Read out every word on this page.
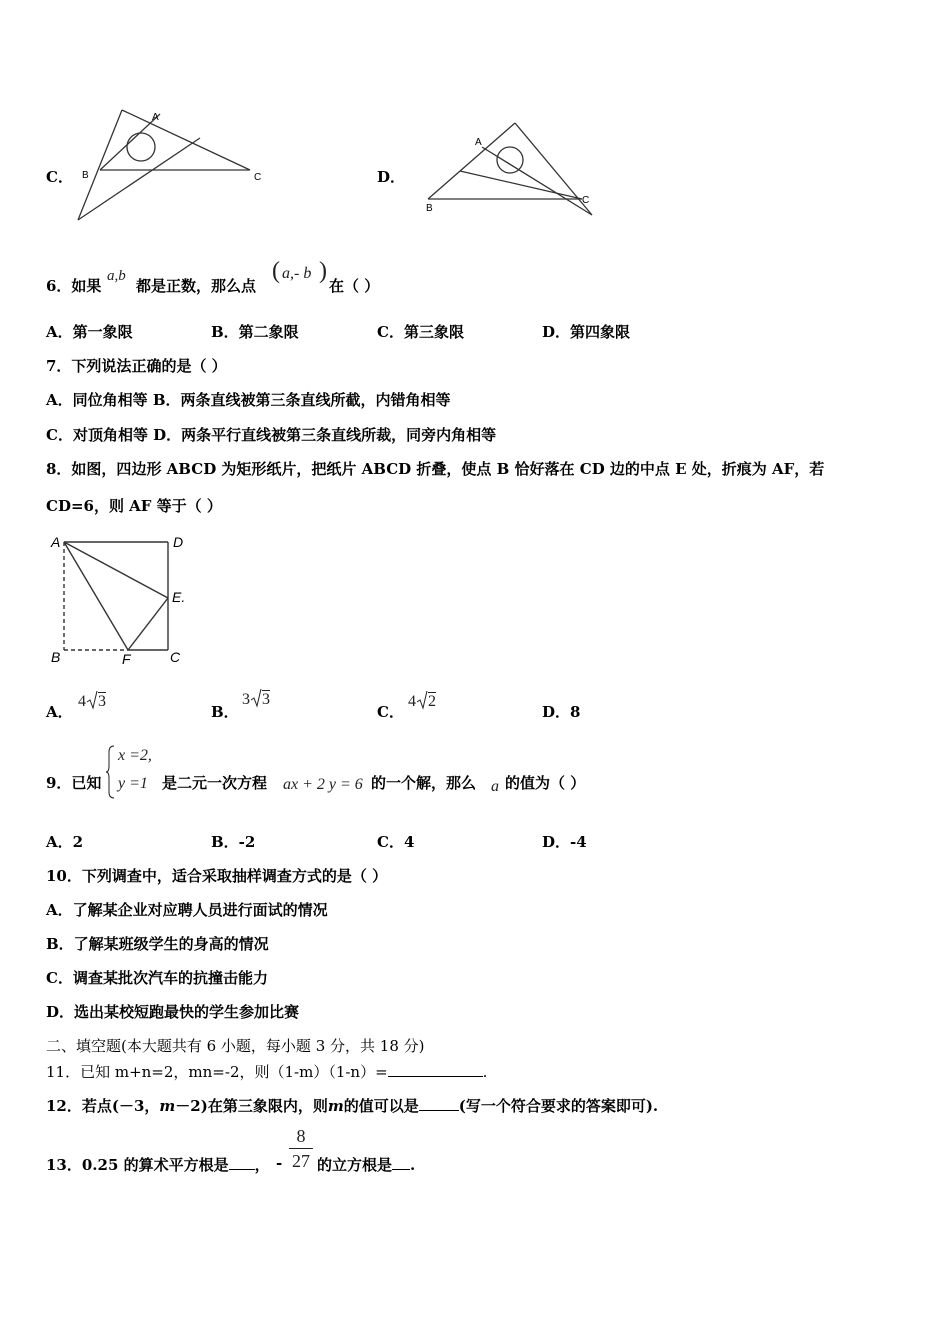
C．
A
B	C	D．
A
B
C
6．如果
a,b
都是正数，那么点
( a,- b )
在（ ）
A．第一象限	B．第二象限	C．第三象限	D．第四象限
7．下列说法正确的是（ ）
A．同位角相等 B．两条直线被第三条直线所截，内错角相等
C．对顶角相等 D．两条平行直线被第三条直线所裁，同旁内角相等
8．如图，四边形 ABCD 为矩形纸片，把纸片 ABCD 折叠，使点 B 恰好落在 CD 边的中点 E 处，折痕为 AF，若
CD=6，则 AF 等于（ ）
A	D
E.
B	F	C
A．
4 3
B．
3 3
C．
4 2
D．8
9．已知
x =2,
y =1 是二元一次方程 ax + 2 y = 6 的一个解，那么 a 的值为（ ）
A．2	B．-2	C．4	D．-4
10．下列调查中，适合采取抽样调查方式的是（ ）
A．了解某企业对应聘人员进行面试的情况
B．了解某班级学生的身高的情况
C．调查某批次汽车的抗撞击能力
D．选出某校短跑最快的学生参加比赛
二、填空题(本大题共有 6 小题，每小题 3 分，共 18 分)
11．已知 m+n=2，mn=-2，则（1-m）（1-n）=	.
12．若点(－3，m－2)在第三象限内，则m的值可以是	(写一个符合要求的答案即可).
13．0.25 的算术平方根是 ， -
8
27 的立方根是 .
